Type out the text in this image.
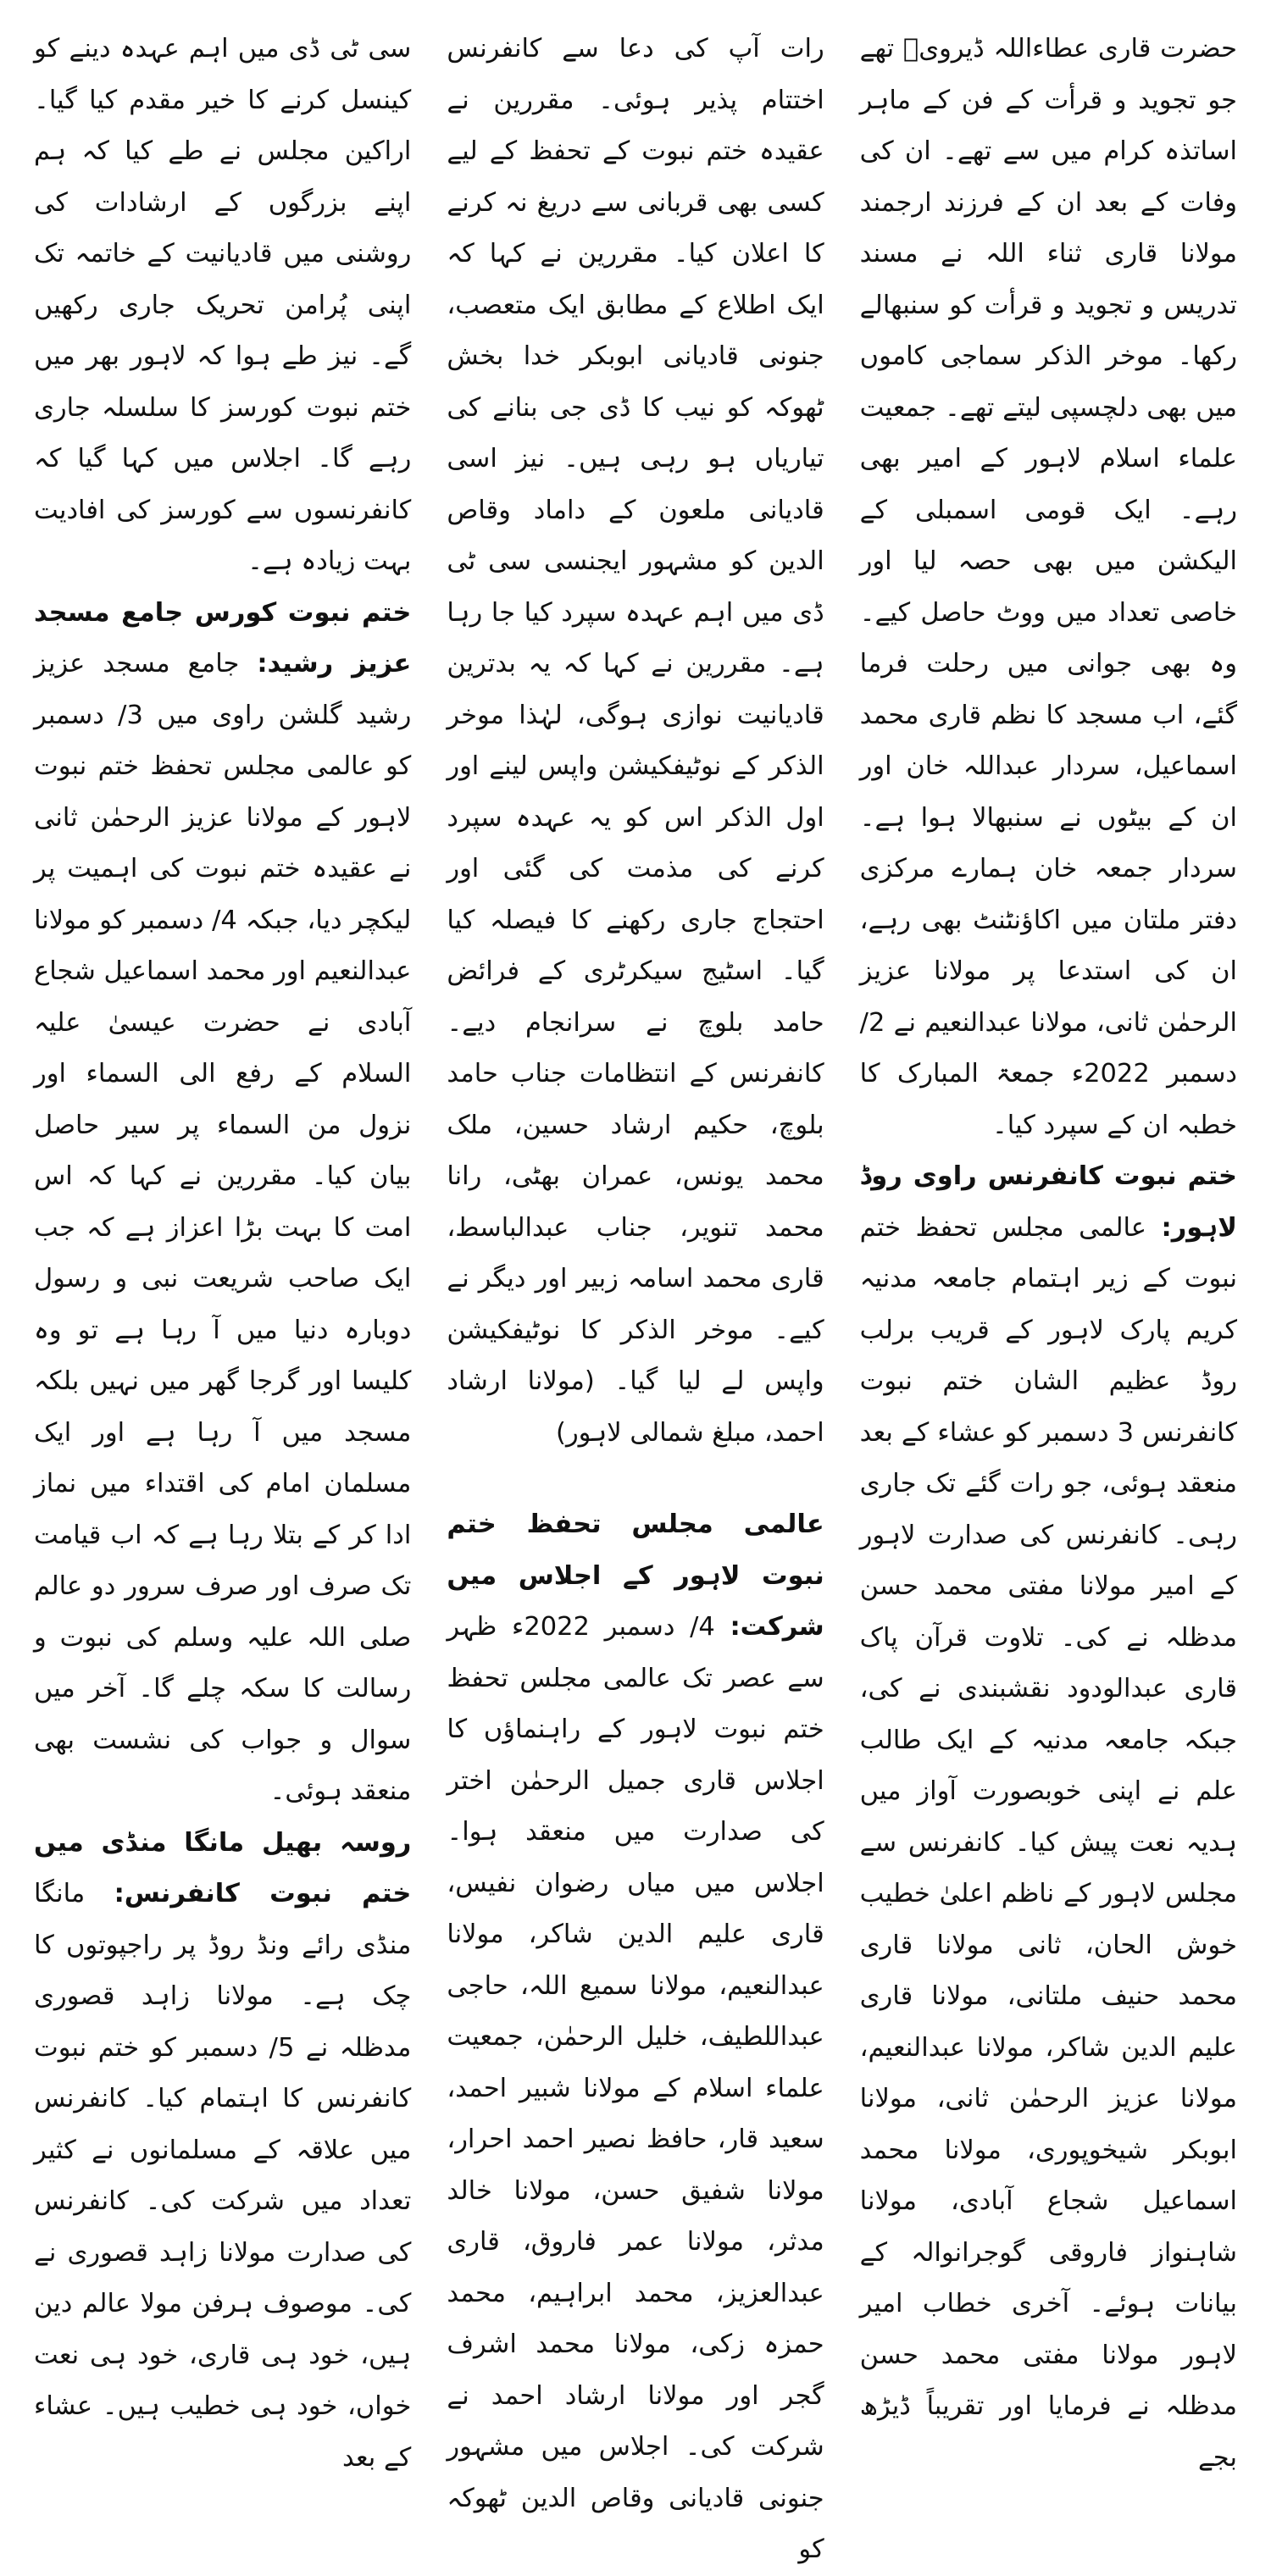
حضرت قاری عطاءاللہ ڈیرویؒ تھے جو تجوید و قرأت کے فن کے ماہر اساتذہ کرام میں سے تھے۔ ان کی وفات کے بعد ان کے فرزند ارجمند مولانا قاری ثناء اللہ نے مسند تدریس و تجوید و قرأت کو سنبھالے رکھا۔ موخر الذکر سماجی کاموں میں بھی دلچسپی لیتے تھے۔ جمعیت علماء اسلام لاہور کے امیر بھی رہے۔ ایک قومی اسمبلی کے الیکشن میں بھی حصہ لیا اور خاصی تعداد میں ووٹ حاصل کیے۔ وہ بھی جوانی میں رحلت فرما گئے، اب مسجد کا نظم قاری محمد اسماعیل، سردار عبداللہ خان اور ان کے بیٹوں نے سنبھالا ہوا ہے۔ سردار جمعہ خان ہمارے مرکزی دفتر ملتان میں اکاؤنٹنٹ بھی رہے، ان کی استدعا پر مولانا عزیز الرحمٰن ثانی، مولانا عبدالنعیم نے 2/ دسمبر 2022ء جمعۃ المبارک کا خطبہ ان کے سپرد کیا۔

ختم نبوت کانفرنس راوی روڈ لاہور: عالمی مجلس تحفظ ختم نبوت کے زیر اہتمام جامعہ مدنیہ کریم پارک لاہور کے قریب برلب روڈ عظیم الشان ختم نبوت کانفرنس 3 دسمبر کو عشاء کے بعد منعقد ہوئی، جو رات گئے تک جاری رہی۔ کانفرنس کی صدارت لاہور کے امیر مولانا مفتی محمد حسن مدظلہ نے کی۔ تلاوت قرآن پاک قاری عبدالودود نقشبندی نے کی، جبکہ جامعہ مدنیہ کے ایک طالب علم نے اپنی خوبصورت آواز میں ہدیہ نعت پیش کیا۔ کانفرنس سے مجلس لاہور کے ناظم اعلیٰ خطیب خوش الحان، ثانی مولانا قاری محمد حنیف ملتانی، مولانا قاری علیم الدین شاکر، مولانا عبدالنعیم، مولانا عزیز الرحمٰن ثانی، مولانا ابوبکر شیخوپوری، مولانا محمد اسماعیل شجاع آبادی، مولانا شاہنواز فاروقی گوجرانوالہ کے بیانات ہوئے۔ آخری خطاب امیر لاہور مولانا مفتی محمد حسن مدظلہ نے فرمایا اور تقریباً ڈیڑھ بجے

رات آپ کی دعا سے کانفرنس اختتام پذیر ہوئی۔ مقررین نے عقیدہ ختم نبوت کے تحفظ کے لیے کسی بھی قربانی سے دریغ نہ کرنے کا اعلان کیا۔ مقررین نے کہا کہ ایک اطلاع کے مطابق ایک متعصب، جنونی قادیانی ابوبکر خدا بخش ٹھوکہ کو نیب کا ڈی جی بنانے کی تیاریاں ہو رہی ہیں۔ نیز اسی قادیانی ملعون کے داماد وقاص الدین کو مشہور ایجنسی سی ٹی ڈی میں اہم عہدہ سپرد کیا جا رہا ہے۔ مقررین نے کہا کہ یہ بدترین قادیانیت نوازی ہوگی، لہٰذا موخر الذکر کے نوٹیفکیشن واپس لینے اور اول الذکر اس کو یہ عہدہ سپرد کرنے کی مذمت کی گئی اور احتجاج جاری رکھنے کا فیصلہ کیا گیا۔ اسٹیج سیکرٹری کے فرائض حامد بلوچ نے سرانجام دیے۔ کانفرنس کے انتظامات جناب حامد بلوچ، حکیم ارشاد حسین، ملک محمد یونس، عمران بھٹی، رانا محمد تنویر، جناب عبدالباسط، قاری محمد اسامہ زبیر اور دیگر نے کیے۔ موخر الذکر کا نوٹیفکیشن واپس لے لیا گیا۔ (مولانا ارشاد احمد، مبلغ شمالی لاہور)

عالمی مجلس تحفظ ختم نبوت لاہور کے اجلاس میں شرکت: 4/ دسمبر 2022ء ظہر سے عصر تک عالمی مجلس تحفظ ختم نبوت لاہور کے راہنماؤں کا اجلاس قاری جمیل الرحمٰن اختر کی صدارت میں منعقد ہوا۔ اجلاس میں میاں رضوان نفیس، قاری علیم الدین شاکر، مولانا عبدالنعیم، مولانا سمیع اللہ، حاجی عبداللطیف، خلیل الرحمٰن، جمعیت علماء اسلام کے مولانا شبیر احمد، سعید قار، حافظ نصیر احمد احرار، مولانا شفیق حسن، مولانا خالد مدثر، مولانا عمر فاروق، قاری عبدالعزیز، محمد ابراہیم، محمد حمزہ زکی، مولانا محمد اشرف گجر اور مولانا ارشاد احمد نے شرکت کی۔ اجلاس میں مشہور جنونی قادیانی وقاص الدین ٹھوکہ کو

سی ٹی ڈی میں اہم عہدہ دینے کو کینسل کرنے کا خیر مقدم کیا گیا۔ اراکین مجلس نے طے کیا کہ ہم اپنے بزرگوں کے ارشادات کی روشنی میں قادیانیت کے خاتمہ تک اپنی پُرامن تحریک جاری رکھیں گے۔ نیز طے ہوا کہ لاہور بھر میں ختم نبوت کورسز کا سلسلہ جاری رہے گا۔ اجلاس میں کہا گیا کہ کانفرنسوں سے کورسز کی افادیت بہت زیادہ ہے۔

ختم نبوت کورس جامع مسجد عزیز رشید: جامع مسجد عزیز رشید گلشن راوی میں 3/ دسمبر کو عالمی مجلس تحفظ ختم نبوت لاہور کے مولانا عزیز الرحمٰن ثانی نے عقیدہ ختم نبوت کی اہمیت پر لیکچر دیا، جبکہ 4/ دسمبر کو مولانا عبدالنعیم اور محمد اسماعیل شجاع آبادی نے حضرت عیسیٰ علیہ السلام کے رفع الی السماء اور نزول من السماء پر سیر حاصل بیان کیا۔ مقررین نے کہا کہ اس امت کا بہت بڑا اعزاز ہے کہ جب ایک صاحب شریعت نبی و رسول دوبارہ دنیا میں آ رہا ہے تو وہ کلیسا اور گرجا گھر میں نہیں بلکہ مسجد میں آ رہا ہے اور ایک مسلمان امام کی اقتداء میں نماز ادا کر کے بتلا رہا ہے کہ اب قیامت تک صرف اور صرف سرور دو عالم صلی اللہ علیہ وسلم کی نبوت و رسالت کا سکہ چلے گا۔ آخر میں سوال و جواب کی نشست بھی منعقد ہوئی۔

روسہ بھیل مانگا منڈی میں ختم نبوت کانفرنس: مانگا منڈی رائے ونڈ روڈ پر راجپوتوں کا چک ہے۔ مولانا زاہد قصوری مدظلہ نے 5/ دسمبر کو ختم نبوت کانفرنس کا اہتمام کیا۔ کانفرنس میں علاقہ کے مسلمانوں نے کثیر تعداد میں شرکت کی۔ کانفرنس کی صدارت مولانا زاہد قصوری نے کی۔ موصوف ہرفن مولا عالم دین ہیں، خود ہی قاری، خود ہی نعت خواں، خود ہی خطیب ہیں۔ عشاء کے بعد
